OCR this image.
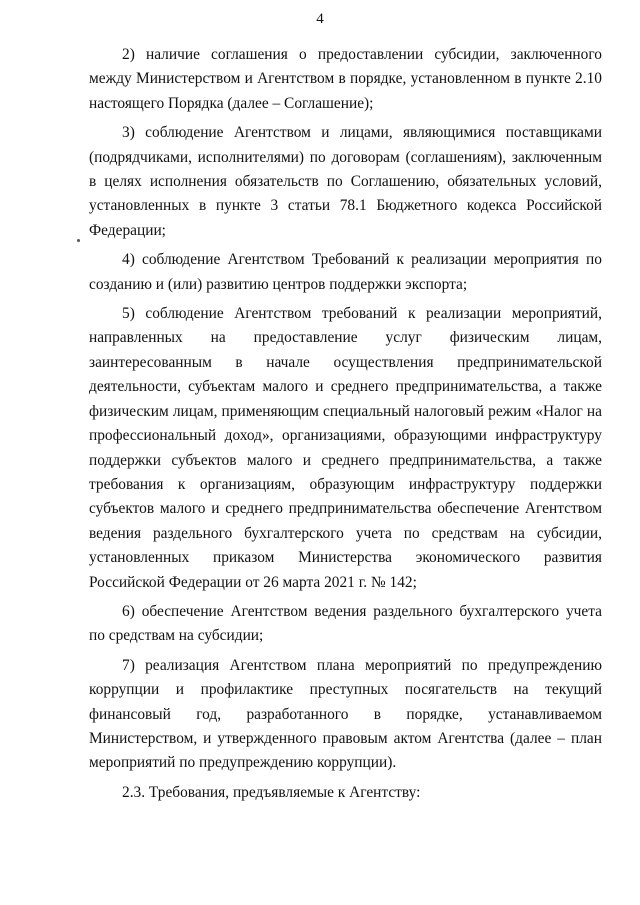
4

2) наличие соглашения о предоставлении субсидии, заключенного между Министерством и Агентством в порядке, установленном в пункте 2.10 настоящего Порядка (далее – Соглашение);

3) соблюдение Агентством и лицами, являющимися поставщиками (подрядчиками, исполнителями) по договорам (соглашениям), заключенным в целях исполнения обязательств по Соглашению, обязательных условий, установленных в пункте 3 статьи 78.1 Бюджетного кодекса Российской Федерации;

4) соблюдение Агентством Требований к реализации мероприятия по созданию и (или) развитию центров поддержки экспорта;

5) соблюдение Агентством требований к реализации мероприятий, направленных на предоставление услуг физическим лицам, заинтересованным в начале осуществления предпринимательской деятельности, субъектам малого и среднего предпринимательства, а также физическим лицам, применяющим специальный налоговый режим «Налог на профессиональный доход», организациями, образующими инфраструктуру поддержки субъектов малого и среднего предпринимательства, а также требования к организациям, образующим инфраструктуру поддержки субъектов малого и среднего предпринимательства обеспечение Агентством ведения раздельного бухгалтерского учета по средствам на субсидии, установленных приказом Министерства экономического развития Российской Федерации от 26 марта 2021 г. № 142;

6) обеспечение Агентством ведения раздельного бухгалтерского учета по средствам на субсидии;

7) реализация Агентством плана мероприятий по предупреждению коррупции и профилактике преступных посягательств на текущий финансовый год, разработанного в порядке, устанавливаемом Министерством, и утвержденного правовым актом Агентства (далее – план мероприятий по предупреждению коррупции).

2.3. Требования, предъявляемые к Агентству:
